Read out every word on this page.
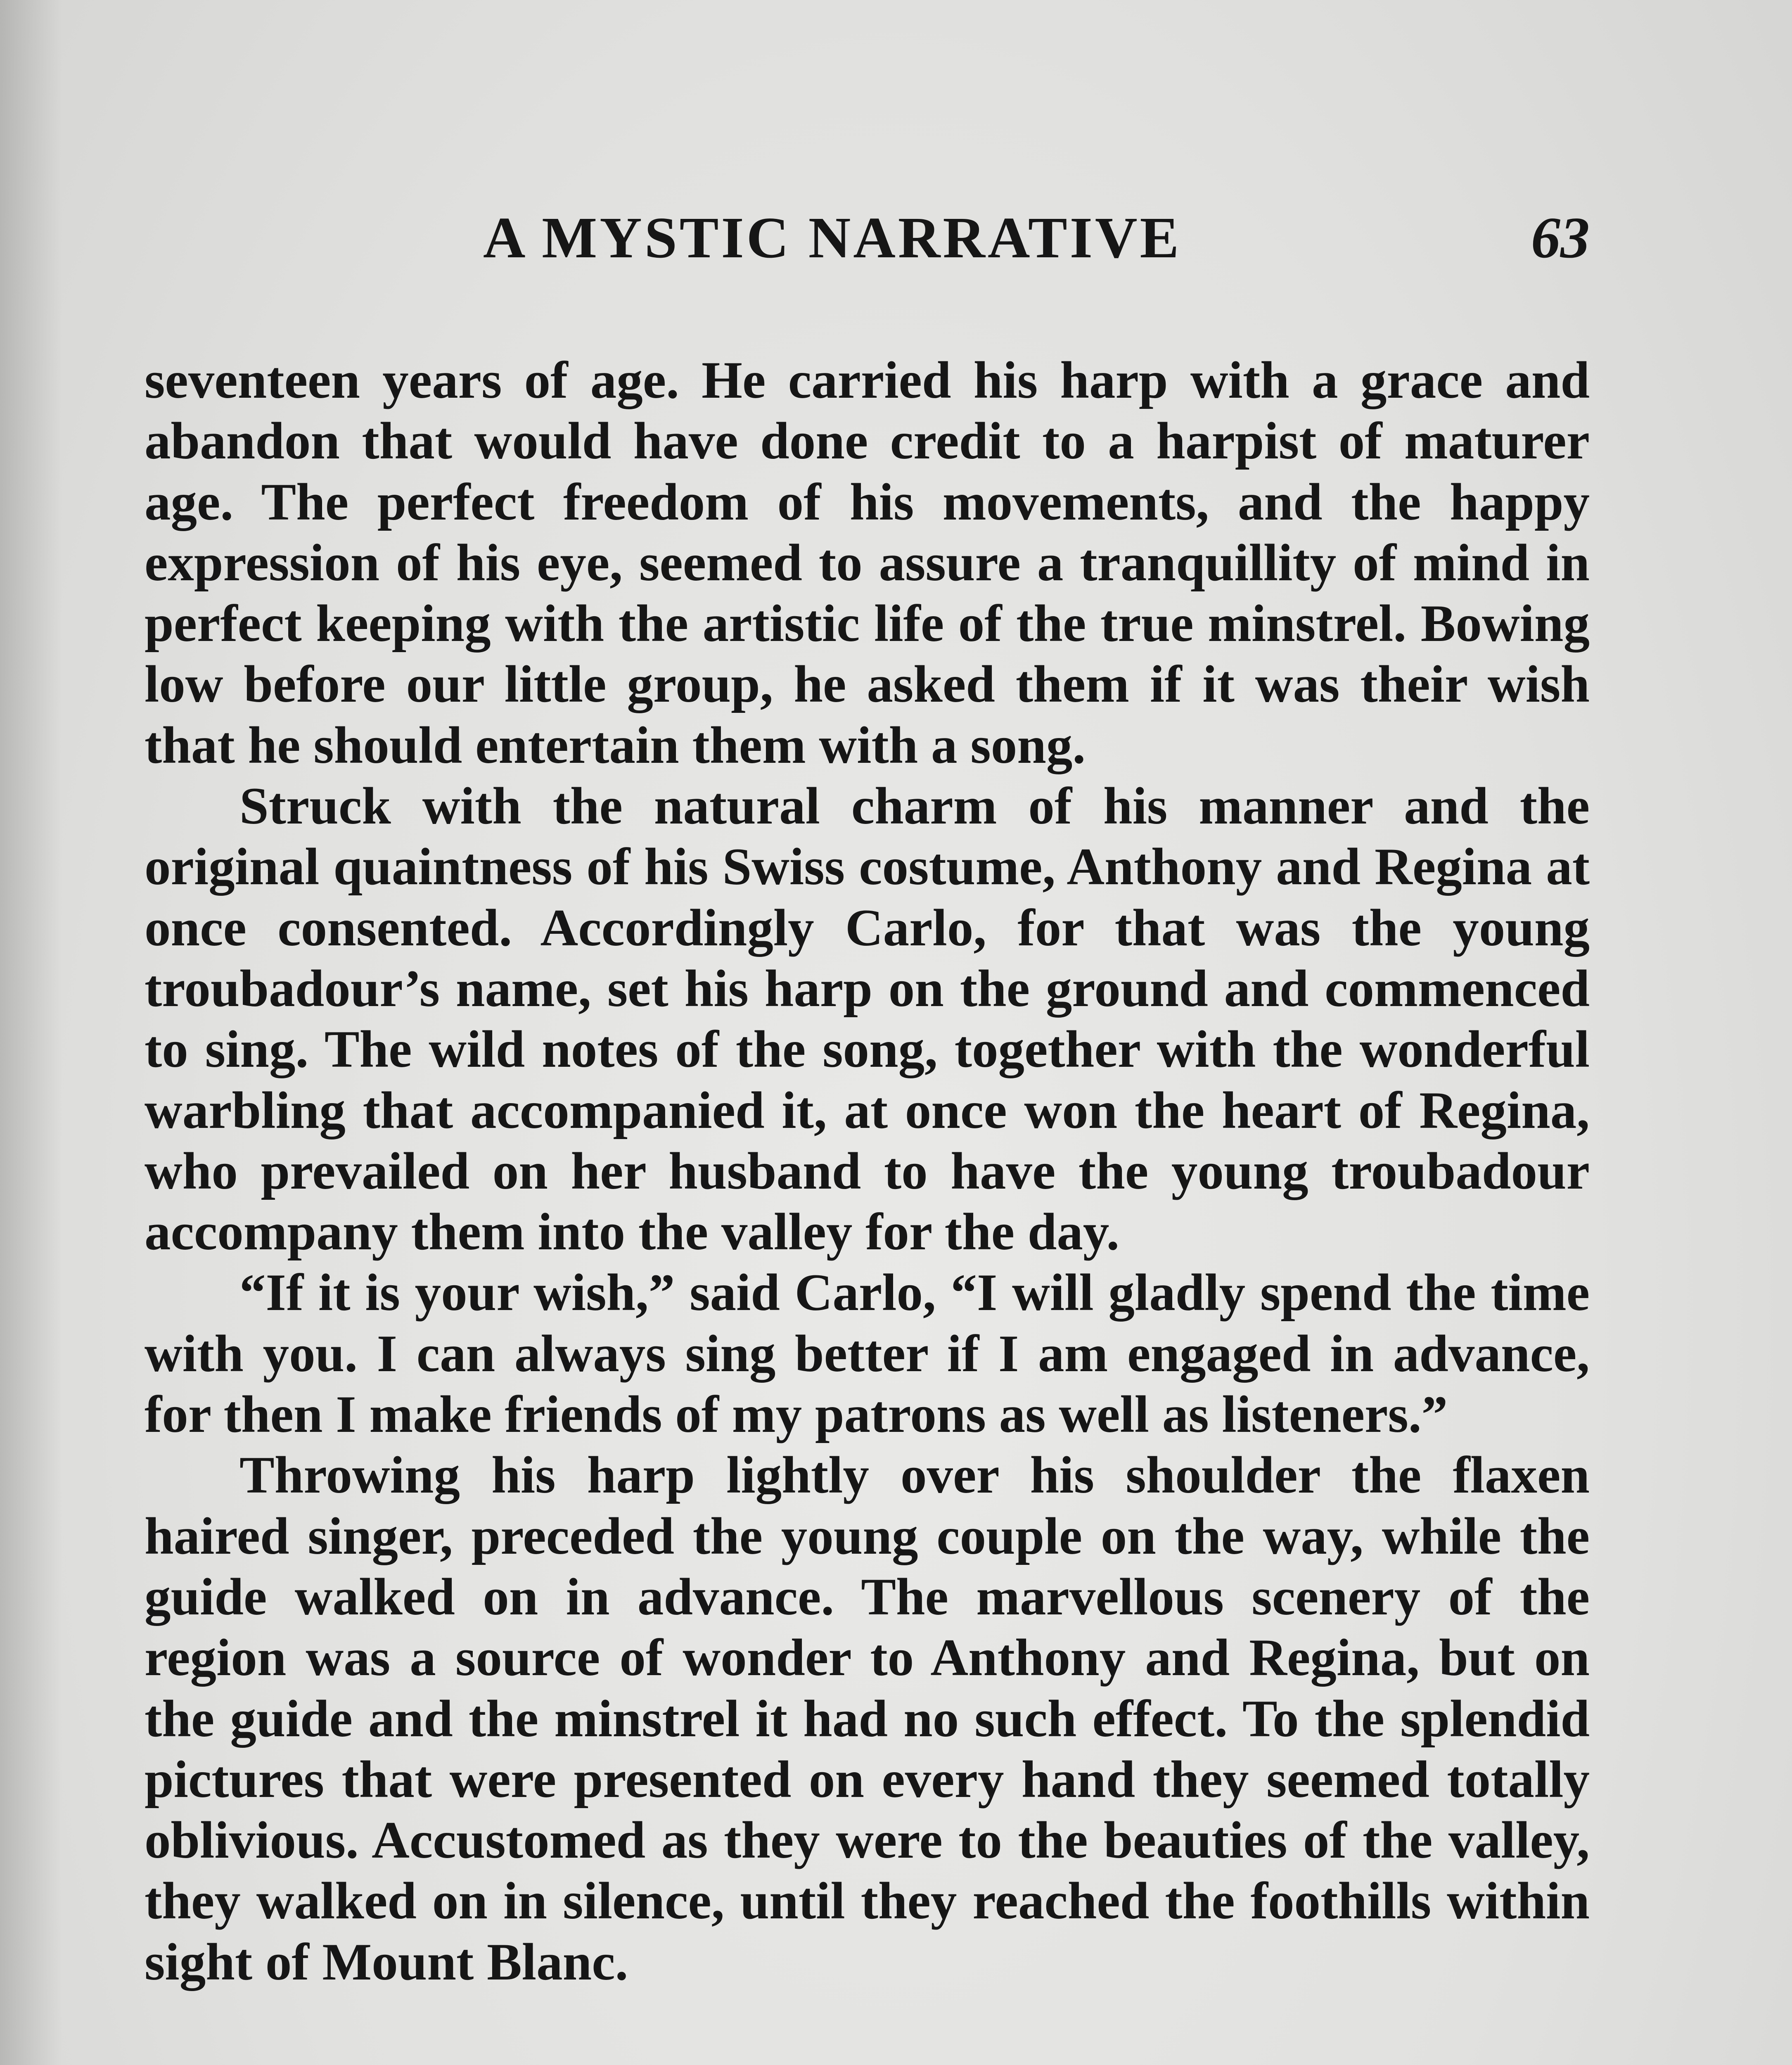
A MYSTIC NARRATIVE	63

seventeen years of age. He carried his harp with a grace and abandon that would have done credit to a harpist of maturer age. The perfect freedom of his movements, and the happy expression of his eye, seemed to assure a tranquillity of mind in perfect keeping with the artistic life of the true minstrel. Bowing low before our little group, he asked them if it was their wish that he should entertain them with a song.

Struck with the natural charm of his manner and the original quaintness of his Swiss costume, Anthony and Regina at once consented. Accordingly Carlo, for that was the young troubadour’s name, set his harp on the ground and commenced to sing. The wild notes of the song, together with the wonderful warbling that accompanied it, at once won the heart of Regina, who prevailed on her husband to have the young troubadour accompany them into the valley for the day.

“If it is your wish,” said Carlo, “I will gladly spend the time with you. I can always sing better if I am engaged in advance, for then I make friends of my patrons as well as listeners.”

Throwing his harp lightly over his shoulder the flaxen haired singer, preceded the young couple on the way, while the guide walked on in advance. The marvellous scenery of the region was a source of wonder to Anthony and Regina, but on the guide and the minstrel it had no such effect. To the splendid pictures that were presented on every hand they seemed totally oblivious. Accustomed as they were to the beauties of the valley, they walked on in silence, until they reached the foothills within sight of Mount Blanc.
